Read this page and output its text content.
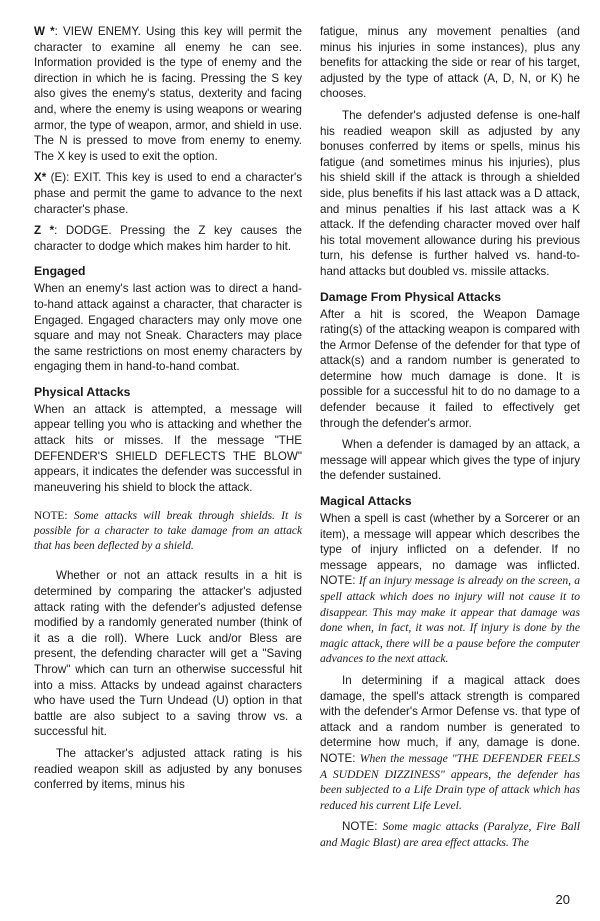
W *: VIEW ENEMY. Using this key will permit the character to examine all enemy he can see. Information provided is the type of enemy and the direction in which he is facing. Pressing the S key also gives the enemy's status, dexterity and facing and, where the enemy is using weapons or wearing armor, the type of weapon, armor, and shield in use. The N is pressed to move from enemy to enemy. The X key is used to exit the option.

X* (E): EXIT. This key is used to end a character's phase and permit the game to advance to the next character's phase.

Z *: DODGE. Pressing the Z key causes the character to dodge which makes him harder to hit.

Engaged

When an enemy's last action was to direct a hand-to-hand attack against a character, that character is Engaged. Engaged characters may only move one square and may not Sneak. Characters may place the same restrictions on most enemy characters by engaging them in hand-to-hand combat.

Physical Attacks

When an attack is attempted, a message will appear telling you who is attacking and whether the attack hits or misses. If the message "THE DEFENDER'S SHIELD DEFLECTS THE BLOW" appears, it indicates the defender was successful in maneuvering his shield to block the attack.

NOTE: Some attacks will break through shields. It is possible for a character to take damage from an attack that has been deflected by a shield.

Whether or not an attack results in a hit is determined by comparing the attacker's adjusted attack rating with the defender's adjusted defense modified by a randomly generated number (think of it as a die roll). Where Luck and/or Bless are present, the defending character will get a "Saving Throw" which can turn an otherwise successful hit into a miss. Attacks by undead against characters who have used the Turn Undead (U) option in that battle are also subject to a saving throw vs. a successful hit.

The attacker's adjusted attack rating is his readied weapon skill as adjusted by any bonuses conferred by items, minus his

fatigue, minus any movement penalties (and minus his injuries in some instances), plus any benefits for attacking the side or rear of his target, adjusted by the type of attack (A, D, N, or K) he chooses.

The defender's adjusted defense is one-half his readied weapon skill as adjusted by any bonuses conferred by items or spells, minus his fatigue (and sometimes minus his injuries), plus his shield skill if the attack is through a shielded side, plus benefits if his last attack was a D attack, and minus penalties if his last attack was a K attack. If the defending character moved over half his total movement allowance during his previous turn, his defense is further halved vs. hand-to-hand attacks but doubled vs. missile attacks.

Damage From Physical Attacks

After a hit is scored, the Weapon Damage rating(s) of the attacking weapon is compared with the Armor Defense of the defender for that type of attack(s) and a random number is generated to determine how much damage is done. It is possible for a successful hit to do no damage to a defender because it failed to effectively get through the defender's armor.

When a defender is damaged by an attack, a message will appear which gives the type of injury the defender sustained.

Magical Attacks

When a spell is cast (whether by a Sorcerer or an item), a message will appear which describes the type of injury inflicted on a defender. If no message appears, no damage was inflicted. NOTE: If an injury message is already on the screen, a spell attack which does no injury will not cause it to disappear. This may make it appear that damage was done when, in fact, it was not. If injury is done by the magic attack, there will be a pause before the computer advances to the next attack.

In determining if a magical attack does damage, the spell's attack strength is compared with the defender's Armor Defense vs. that type of attack and a random number is generated to determine how much, if any, damage is done. NOTE: When the message "THE DEFENDER FEELS A SUDDEN DIZZINESS" appears, the defender has been subjected to a Life Drain type of attack which has reduced his current Life Level.

NOTE: Some magic attacks (Paralyze, Fire Ball and Magic Blast) are area effect attacks. The

20
